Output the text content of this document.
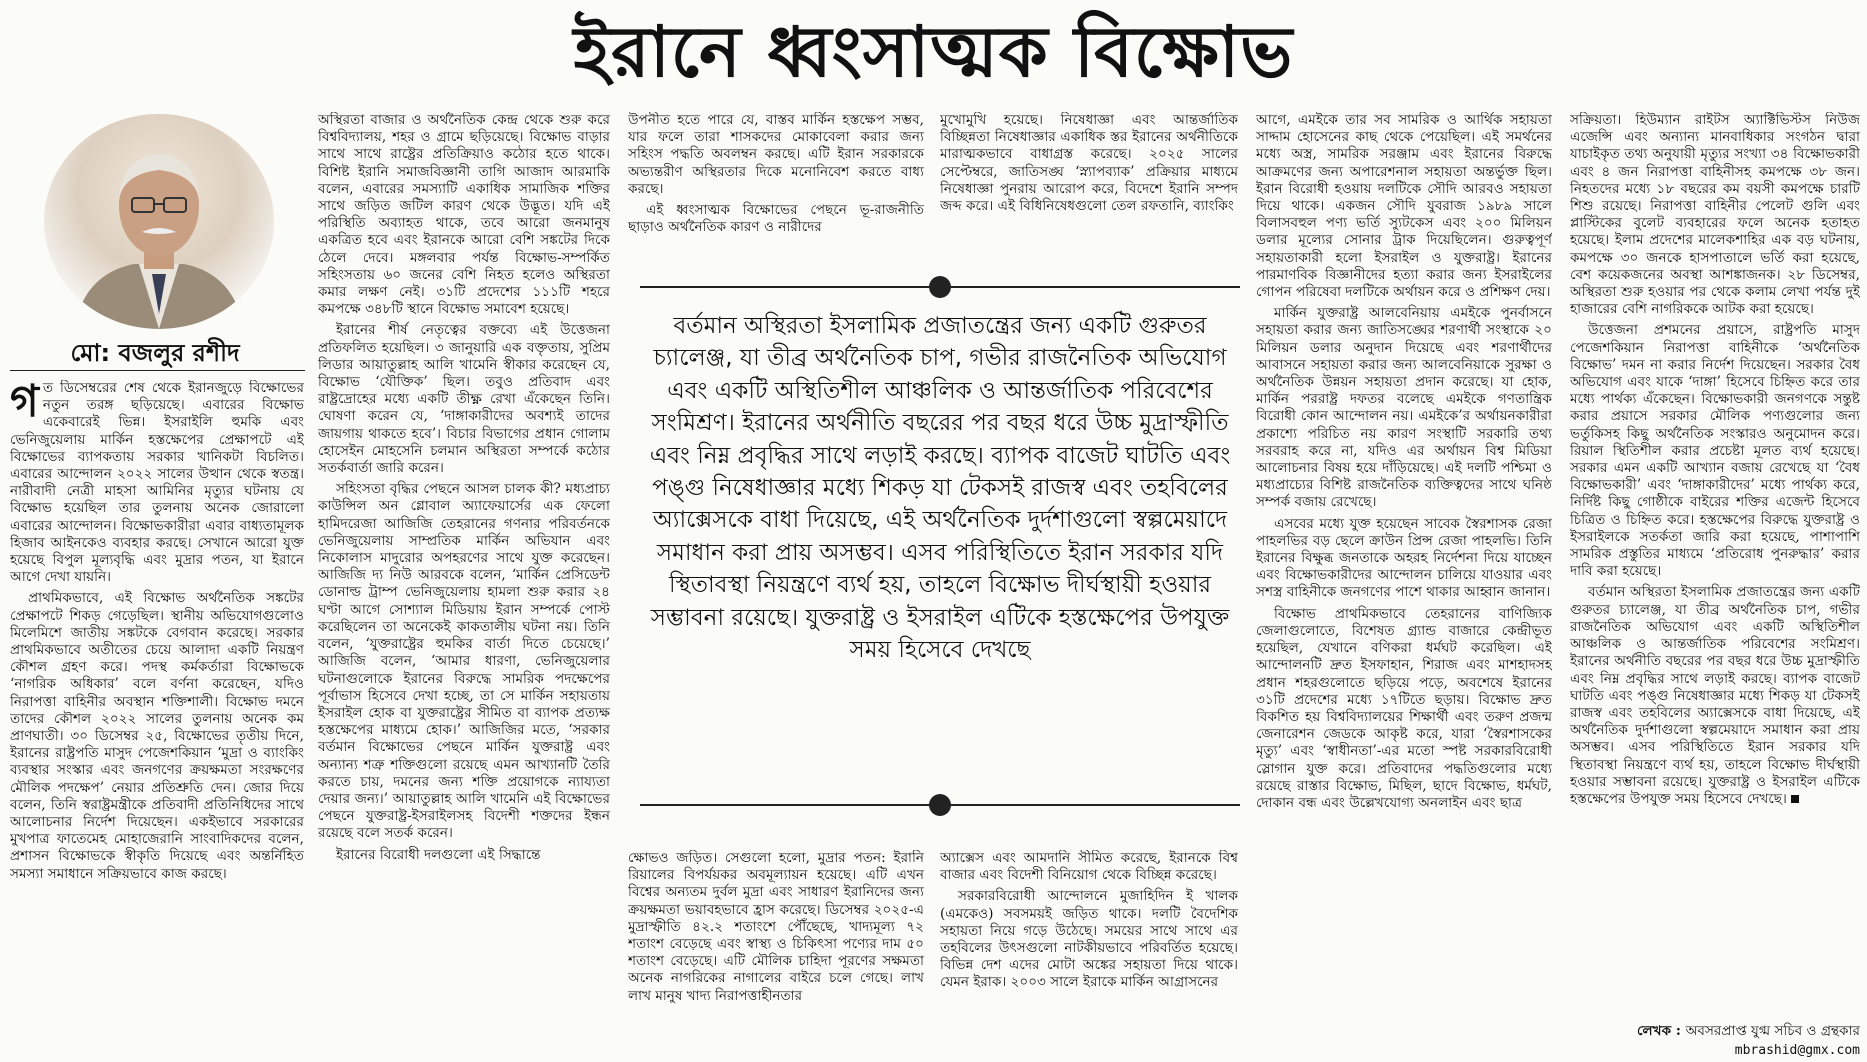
ইরানে ধ্বংসাত্মক বিক্ষোভ
মো: বজলুর রশীদ

গত ডিসেম্বরের শেষ থেকে ইরানজুড়ে বিক্ষোভের নতুন তরঙ্গ ছড়িয়েছে। এবারের বিক্ষোভ একেবারেই ভিন্ন। ইসরাইলি হুমকি এবং ভেনিজুয়েলায় মার্কিন হস্তক্ষেপের প্রেক্ষাপটে এই বিক্ষোভের ব্যাপকতায় সরকার খানিকটা বিচলিত। এবারের আন্দোলন ২০২২ সালের উত্থান থেকে স্বতন্ত্র। নারীবাদী নেত্রী মাহসা আমিনির মৃত্যুর ঘটনায় যে বিক্ষোভ হয়েছিল তার তুলনায় অনেক জোরালো এবারের আন্দোলন। বিক্ষোভকারীরা এবার বাধ্যতামূলক হিজাব আইনকেও ব্যবহার করছে। সেখানে আরো যুক্ত হয়েছে বিপুল মূল্যবৃদ্ধি এবং মুদ্রার পতন, যা ইরানে আগে দেখা যায়নি।

প্রাথমিকভাবে, এই বিক্ষোভ অর্থনৈতিক সঙ্কটের প্রেক্ষাপটে শিকড় গেড়েছিল। স্থানীয় অভিযোগগুলোও মিলেমিশে জাতীয় সঙ্কটকে বেগবান করেছে। সরকার প্রাথমিকভাবে অতীতের চেয়ে আলাদা একটি নিয়ন্ত্রণ কৌশল গ্রহণ করে। পদস্থ কর্মকর্তারা বিক্ষোভকে ‘নাগরিক অধিকার’ বলে বর্ণনা করেছেন, যদিও নিরাপত্তা বাহিনীর অবস্থান শক্তিশালী। বিক্ষোভ দমনে তাদের কৌশল ২০২২ সালের তুলনায় অনেক কম প্রাণঘাতী। ৩০ ডিসেম্বর ২৫, বিক্ষোভের তৃতীয় দিনে, ইরানের রাষ্ট্রপতি মাসুদ পেজেশকিয়ান ‘মুদ্রা ও ব্যাংকিং ব্যবস্থার সংস্কার এবং জনগণের ক্রয়ক্ষমতা সংরক্ষণের মৌলিক পদক্ষেপ’ নেয়ার প্রতিশ্রুতি দেন। জোর দিয়ে বলেন, তিনি স্বরাষ্ট্রমন্ত্রীকে প্রতিবাদী প্রতিনিধিদের সাথে আলোচনার নির্দেশ দিয়েছেন। একইভাবে সরকারের মুখপাত্র ফাতেমেহ মোহাজেরানি সাংবাদিকদের বলেন, প্রশাসন বিক্ষোভকে স্বীকৃতি দিয়েছে এবং অন্তর্নিহিত সমস্যা সমাধানে সক্রিয়ভাবে কাজ করছে।

অস্থিরতা বাজার ও অর্থনৈতিক কেন্দ্র থেকে শুরু করে বিশ্ববিদ্যালয়, শহর ও গ্রামে ছড়িয়েছে। বিক্ষোভ বাড়ার সাথে সাথে রাষ্ট্রের প্রতিক্রিয়াও কঠোর হতে থাকে। বিশিষ্ট ইরানি সমাজবিজ্ঞানী তাগি আজাদ আরমাকি বলেন, এবারের সমস্যাটি একাধিক সামাজিক শক্তির সাথে জড়িত জটিল কারণ থেকে উদ্ভূত। যদি এই পরিস্থিতি অব্যাহত থাকে, তবে আরো জনমানুষ একত্রিত হবে এবং ইরানকে আরো বেশি সঙ্কটের দিকে ঠেলে দেবে। মঙ্গলবার পর্যন্ত বিক্ষোভ-সম্পর্কিত সহিংসতায় ৬০ জনের বেশি নিহত হলেও অস্থিরতা কমার লক্ষণ নেই। ৩১টি প্রদেশের ১১১টি শহরে কমপক্ষে ৩৪৮টি স্থানে বিক্ষোভ সমাবেশ হয়েছে।

ইরানের শীর্ষ নেতৃত্বের বক্তব্যে এই উত্তেজনা প্রতিফলিত হয়েছিল। ৩ জানুয়ারি এক বক্তৃতায়, সুপ্রিম লিডার আয়াতুল্লাহ আলি খামেনি স্বীকার করেছেন যে, বিক্ষোভ ‘যৌক্তিক’ ছিল। তবুও প্রতিবাদ এবং রাষ্ট্রদ্রোহের মধ্যে একটি তীক্ষ্ণ রেখা এঁকেছেন তিনি। ঘোষণা করেন যে, ‘দাঙ্গাকারীদের অবশ্যই তাদের জায়গায় থাকতে হবে’। বিচার বিভাগের প্রধান গোলাম হোসেইন মোহসেনি চলমান অস্থিরতা সম্পর্কে কঠোর সতর্কবার্তা জারি করেন।

সহিংসতা বৃদ্ধির পেছনে আসল চালক কী? মধ্যপ্রাচ্য কাউন্সিল অন গ্লোবাল অ্যাফেয়ার্সের এক ফেলো হামিদরেজা আজিজি তেহরানের গণনার পরিবর্তনকে ভেনিজুয়েলায় সাম্প্রতিক মার্কিন অভিযান এবং নিকোলাস মাদুরোর অপহরণের সাথে যুক্ত করেছেন। আজিজি দ্য নিউ আরবকে বলেন, ‘মার্কিন প্রেসিডেন্ট ডোনাল্ড ট্রাম্প ভেনিজুয়েলায় হামলা শুরু করার ২৪ ঘণ্টা আগে সোশ্যাল মিডিয়ায় ইরান সম্পর্কে পোস্ট করেছিলেন তা অনেকেই কাকতালীয় ঘটনা নয়। তিনি বলেন, ‘যুক্তরাষ্ট্রের হুমকির বার্তা দিতে চেয়েছে।’ আজিজি বলেন, ‘আমার ধারণা, ভেনিজুয়েলার ঘটনাগুলোকে ইরানের বিরুদ্ধে সামরিক পদক্ষেপের পূর্বাভাস হিসেবে দেখা হচ্ছে, তা সে মার্কিন সহায়তায় ইসরাইল হোক বা যুক্তরাষ্ট্রের সীমিত বা ব্যাপক প্রত্যক্ষ হস্তক্ষেপের মাধ্যমে হোক।’ আজিজির মতে, ‘সরকার বর্তমান বিক্ষোভের পেছনে মার্কিন যুক্তরাষ্ট্র এবং অন্যান্য শত্রু শক্তিগুলো রয়েছে এমন আখ্যানটি তৈরি করতে চায়, দমনের জন্য শক্তি প্রয়োগকে ন্যায্যতা দেয়ার জন্য।’ আয়াতুল্লাহ আলি খামেনি এই বিক্ষোভের পেছনে যুক্তরাষ্ট্র-ইসরাইলসহ বিদেশী শক্তদের ইন্ধন রয়েছে বলে সতর্ক করেন।

ইরানের বিরোধী দলগুলো এই সিদ্ধান্তে

উপনীত হতে পারে যে, বাস্তব মার্কিন হস্তক্ষেপ সম্ভব, যার ফলে তারা শাসকদের মোকাবেলা করার জন্য সহিংস পদ্ধতি অবলম্বন করছে। এটি ইরান সরকারকে অভ্যন্তরীণ অস্থিরতার দিকে মনোনিবেশ করতে বাধ্য করছে।

এই ধ্বংসাত্মক বিক্ষোভের পেছনে ভূ-রাজনীতি ছাড়াও অর্থনৈতিক কারণ ও নারীদের

মুখোমুখি হয়েছে। নিষেধাজ্ঞা এবং আন্তর্জাতিক বিচ্ছিন্নতা নিষেধাজ্ঞার একাধিক স্তর ইরানের অর্থনীতিকে মারাত্মকভাবে বাধাগ্রস্ত করেছে। ২০২৫ সালের সেপ্টেম্বরে, জাতিসঙ্ঘ ‘স্ন্যাপব্যাক’ প্রক্রিয়ার মাধ্যমে নিষেধাজ্ঞা পুনরায় আরোপ করে, বিদেশে ইরানি সম্পদ জব্দ করে। এই বিধিনিষেধগুলো তেল রফতানি, ব্যাংকিং

বর্তমান অস্থিরতা ইসলামিক প্রজাতন্ত্রের জন্য একটি গুরুতর চ্যালেঞ্জ, যা তীব্র অর্থনৈতিক চাপ, গভীর রাজনৈতিক অভিযোগ এবং একটি অস্থিতিশীল আঞ্চলিক ও আন্তর্জাতিক পরিবেশের সংমিশ্রণ। ইরানের অর্থনীতি বছরের পর বছর ধরে উচ্চ মুদ্রাস্ফীতি এবং নিম্ন প্রবৃদ্ধির সাথে লড়াই করছে। ব্যাপক বাজেট ঘাটতি এবং পঙ্গু নিষেধাজ্ঞার মধ্যে শিকড় যা টেকসই রাজস্ব এবং তহবিলের অ্যাক্সেসকে বাধা দিয়েছে, এই অর্থনৈতিক দুর্দশাগুলো স্বল্পমেয়াদে সমাধান করা প্রায় অসম্ভব। এসব পরিস্থিতিতে ইরান সরকার যদি স্থিতাবস্থা নিয়ন্ত্রণে ব্যর্থ হয়, তাহলে বিক্ষোভ দীর্ঘস্থায়ী হওয়ার সম্ভাবনা রয়েছে। যুক্তরাষ্ট্র ও ইসরাইল এটিকে হস্তক্ষেপের উপযুক্ত সময় হিসেবে দেখছে

ক্ষোভও জড়িত। সেগুলো হলো, মুদ্রার পতন: ইরানি রিয়ালের বিপর্যয়কর অবমূল্যায়ন হয়েছে। এটি এখন বিশ্বের অন্যতম দুর্বল মুদ্রা এবং সাধারণ ইরানিদের জন্য ক্রয়ক্ষমতা ভয়াবহভাবে হ্রাস করেছে। ডিসেম্বর ২০২৫-এ মুদ্রাস্ফীতি ৪২.২ শতাংশে পৌঁছেছে, খাদ্যমূল্য ৭২ শতাংশ বেড়েছে এবং স্বাস্থ্য ও চিকিৎসা পণ্যের দাম ৫০ শতাংশ বেড়েছে। এটি মৌলিক চাহিদা পূরণের সক্ষমতা অনেক নাগরিকের নাগালের বাইরে চলে গেছে। লাখ লাখ মানুষ খাদ্য নিরাপত্তাহীনতার

অ্যাক্সেস এবং আমদানি সীমিত করেছে, ইরানকে বিশ্ব বাজার এবং বিদেশী বিনিয়োগ থেকে বিচ্ছিন্ন করেছে।

সরকারবিরোধী আন্দোলনে মুজাহিদিন ই খালক (এমকেও) সবসময়ই জড়িত থাকে। দলটি বৈদেশিক সহায়তা নিয়ে গড়ে উঠেছে। সময়ের সাথে সাথে এর তহবিলের উৎসগুলো নাটকীয়ভাবে পরিবর্তিত হয়েছে। বিভিন্ন দেশ এদের মোটা অঙ্কের সহায়তা দিয়ে থাকে। যেমন ইরাক। ২০০৩ সালে ইরাকে মার্কিন আগ্রাসনের

আগে, এমইকে তার সব সামরিক ও আর্থিক সহায়তা সাদ্দাম হোসেনের কাছ থেকে পেয়েছিল। এই সমর্থনের মধ্যে অস্ত্র, সামরিক সরঞ্জাম এবং ইরানের বিরুদ্ধে আক্রমণের জন্য অপারেশনাল সহায়তা অন্তর্ভুক্ত ছিল। ইরান বিরোধী হওয়ায় দলটিকে সৌদি আরবও সহায়তা দিয়ে থাকে। একজন সৌদি যুবরাজ ১৯৮৯ সালে বিলাসবহুল পণ্য ভর্তি স্যুটকেস এবং ২০০ মিলিয়ন ডলার মূল্যের সোনার ট্রাক দিয়েছিলেন। গুরুত্বপূর্ণ সহায়তাকারী হলো ইসরাইল ও যুক্তরাষ্ট্র। ইরানের পারমাণবিক বিজ্ঞানীদের হত্যা করার জন্য ইসরাইলের গোপন পরিষেবা দলটিকে অর্থায়ন করে ও প্রশিক্ষণ দেয়।

মার্কিন যুক্তরাষ্ট্র আলবেনিয়ায় এমইকে পুনর্বাসনে সহায়তা করার জন্য জাতিসঙ্ঘের শরণার্থী সংস্থাকে ২০ মিলিয়ন ডলার অনুদান দিয়েছে এবং শরণার্থীদের আবাসনে সহায়তা করার জন্য আলবেনিয়াকে সুরক্ষা ও অর্থনৈতিক উন্নয়ন সহায়তা প্রদান করেছে। যা হোক, মার্কিন পররাষ্ট্র দফতর বলেছে এমইকে গণতান্ত্রিক বিরোধী কোন আন্দোলন নয়। এমইকে’র অর্থায়নকারীরা প্রকাশ্যে পরিচিত নয় কারণ সংস্থাটি সরকারি তথ্য সরবরাহ করে না, যদিও এর অর্থায়ন বিশ্ব মিডিয়া আলোচনার বিষয় হয়ে দাঁড়িয়েছে। এই দলটি পশ্চিমা ও মধ্যপ্রাচ্যের বিশিষ্ট রাজনৈতিক ব্যক্তিত্বদের সাথে ঘনিষ্ঠ সম্পর্ক বজায় রেখেছে।

এসবের মধ্যে যুক্ত হয়েছেন সাবেক স্বৈরশাসক রেজা পাহলভির বড় ছেলে ক্রাউন প্রিন্স রেজা পাহলভি। তিনি ইরানের বিক্ষুব্ধ জনতাকে অহরহ নির্দেশনা দিয়ে যাচ্ছেন এবং বিক্ষোভকারীদের আন্দোলন চালিয়ে যাওয়ার এবং সশস্ত্র বাহিনীকে জনগণের পাশে থাকার আহ্বান জানান।

বিক্ষোভ প্রাথমিকভাবে তেহরানের বাণিজ্যিক জেলাগুলোতে, বিশেষত গ্র্যান্ড বাজারে কেন্দ্রীভূত হয়েছিল, যেখানে বণিকরা ধর্মঘট করেছিল। এই আন্দোলনটি দ্রুত ইসফাহান, শিরাজ এবং মাশহাদসহ প্রধান শহরগুলোতে ছড়িয়ে পড়ে, অবশেষে ইরানের ৩১টি প্রদেশের মধ্যে ১৭টিতে ছড়ায়। বিক্ষোভ দ্রুত বিকশিত হয় বিশ্ববিদ্যালয়ের শিক্ষার্থী এবং তরুণ প্রজন্ম জেনারেশন জেডকে আকৃষ্ট করে, যারা ‘স্বৈরশাসকের মৃত্যু’ এবং ‘স্বাধীনতা’-এর মতো স্পষ্ট সরকারবিরোধী স্লোগান যুক্ত করে। প্রতিবাদের পদ্ধতিগুলোর মধ্যে রয়েছে রাস্তার বিক্ষোভ, মিছিল, ছাদে বিক্ষোভ, ধর্মঘট, দোকান বন্ধ এবং উল্লেখযোগ্য অনলাইন এবং ছাত্র

সক্রিয়তা। হিউম্যান রাইটস অ্যাক্টিভিস্টস নিউজ এজেন্সি এবং অন্যান্য মানবাধিকার সংগঠন দ্বারা যাচাইকৃত তথ্য অনুযায়ী মৃত্যুর সংখ্যা ৩৪ বিক্ষোভকারী এবং ৪ জন নিরাপত্তা বাহিনীসহ কমপক্ষে ৩৮ জন। নিহতদের মধ্যে ১৮ বছরের কম বয়সী কমপক্ষে চারটি শিশু রয়েছে। নিরাপত্তা বাহিনীর পেলেট গুলি এবং প্লাস্টিকের বুলেট ব্যবহারের ফলে অনেক হতাহত হয়েছে। ইলাম প্রদেশের মালেকশাহির এক বড় ঘটনায়, কমপক্ষে ৩০ জনকে হাসপাতালে ভর্তি করা হয়েছে, বেশ কয়েকজনের অবস্থা আশঙ্কাজনক। ২৮ ডিসেম্বর, অস্থিরতা শুরু হওয়ার পর থেকে কলাম লেখা পর্যন্ত দুই হাজারের বেশি নাগরিককে আটক করা হয়েছে।

উত্তেজনা প্রশমনের প্রয়াসে, রাষ্ট্রপতি মাসুদ পেজেশকিয়ান নিরাপত্তা বাহিনীকে ‘অর্থনৈতিক বিক্ষোভ’ দমন না করার নির্দেশ দিয়েছেন। সরকার বৈধ অভিযোগ এবং যাকে ‘দাঙ্গা’ হিসেবে চিহ্নিত করে তার মধ্যে পার্থক্য এঁকেছেন। বিক্ষোভকারী জনগণকে সন্তুষ্ট করার প্রয়াসে সরকার মৌলিক পণ্যগুলোর জন্য ভর্তুকিসহ কিছু অর্থনৈতিক সংস্কারও অনুমোদন করে। রিয়াল স্থিতিশীল করার প্রচেষ্টা মূলত ব্যর্থ হয়েছে। সরকার এমন একটি আখ্যান বজায় রেখেছে যা ‘বৈধ বিক্ষোভকারী’ এবং ‘দাঙ্গাকারীদের’ মধ্যে পার্থক্য করে, নির্দিষ্ট কিছু গোষ্ঠীকে বাইরের শক্তির এজেন্ট হিসেবে চিত্রিত ও চিহ্নিত করে। হস্তক্ষেপের বিরুদ্ধে যুক্তরাষ্ট্র ও ইসরাইলকে সতর্কতা জারি করা হয়েছে, পাশাপাশি সামরিক প্রস্তুতির মাধ্যমে ‘প্রতিরোধ পুনরুদ্ধার’ করার দাবি করা হয়েছে।

বর্তমান অস্থিরতা ইসলামিক প্রজাতন্ত্রের জন্য একটি গুরুতর চ্যালেঞ্জ, যা তীব্র অর্থনৈতিক চাপ, গভীর রাজনৈতিক অভিযোগ এবং একটি অস্থিতিশীল আঞ্চলিক ও আন্তর্জাতিক পরিবেশের সংমিশ্রণ। ইরানের অর্থনীতি বছরের পর বছর ধরে উচ্চ মুদ্রাস্ফীতি এবং নিম্ন প্রবৃদ্ধির সাথে লড়াই করছে। ব্যাপক বাজেট ঘাটতি এবং পঙ্গু নিষেধাজ্ঞার মধ্যে শিকড় যা টেকসই রাজস্ব এবং তহবিলের অ্যাক্সেসকে বাধা দিয়েছে, এই অর্থনৈতিক দুর্দশাগুলো স্বল্পমেয়াদে সমাধান করা প্রায় অসম্ভব। এসব পরিস্থিতিতে ইরান সরকার যদি স্থিতাবস্থা নিয়ন্ত্রণে ব্যর্থ হয়, তাহলে বিক্ষোভ দীর্ঘস্থায়ী হওয়ার সম্ভাবনা রয়েছে। যুক্তরাষ্ট্র ও ইসরাইল এটিকে হস্তক্ষেপের উপযুক্ত সময় হিসেবে দেখছে।

লেখক : অবসরপ্রাপ্ত যুগ্ম সচিব ও গ্রন্থকার
mbrashid@gmx.com
